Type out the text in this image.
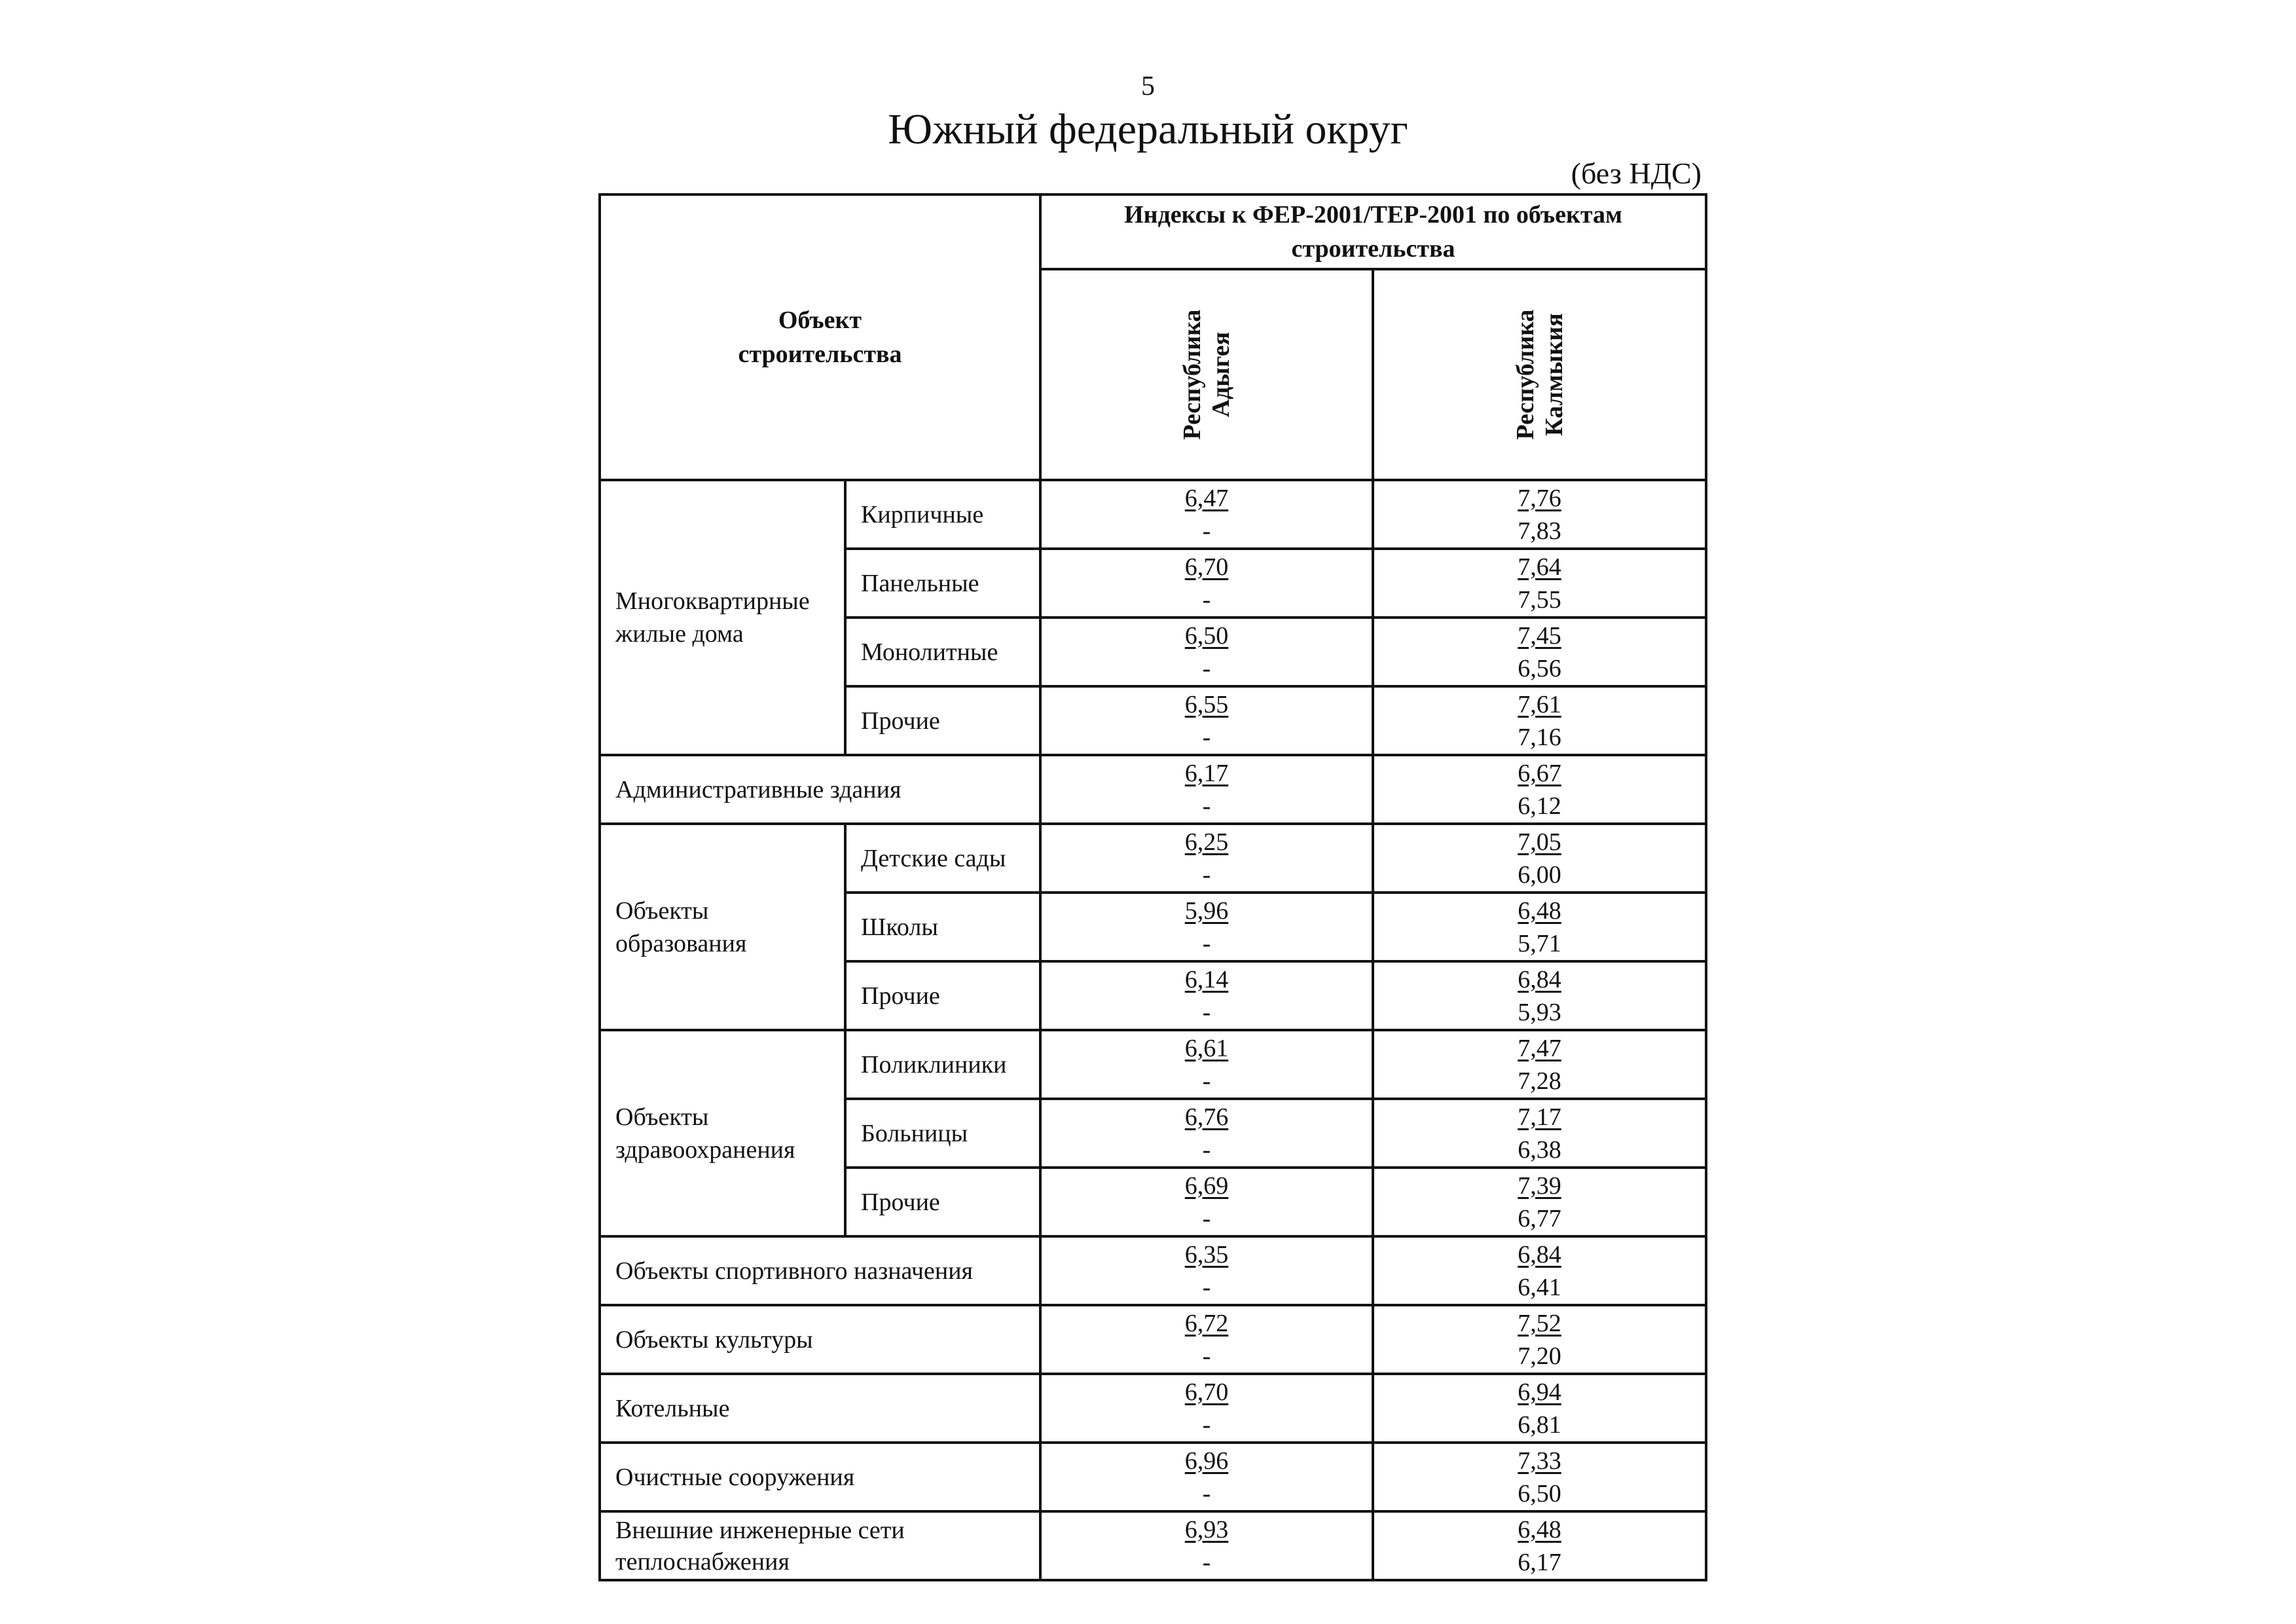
5
Южный федеральный округ
(без НДС)
Объект строительства		Индексы к ФЕР-2001/ТЕР-2001 по объектам строительства	

		Республика Адыгея	Республика Калмыкия

Многоквартирные жилые дома	Кирпичные	$\frac{6,47}{-}$	$\frac{7,76}{7,83}$

	Панельные	$\frac{6,70}{-}$	$\frac{7,64}{7,55}$

	Монолитные	$\frac{6,50}{-}$	$\frac{7,45}{6,56}$

	Прочие	$\frac{6,55}{-}$	$\frac{7,61}{7,16}$

Административные здания		$\frac{6,17}{-}$	$\frac{6,67}{6,12}$

Объекты образования	Детские сады	$\frac{6,25}{-}$	$\frac{7,05}{6,00}$

	Школы	$\frac{5,96}{-}$	$\frac{6,48}{5,71}$

	Прочие	$\frac{6,14}{-}$	$\frac{6,84}{5,93}$

Объекты здравоохранения	Поликлиники	$\frac{6,61}{-}$	$\frac{7,47}{7,28}$

	Больницы	$\frac{6,76}{-}$	$\frac{7,17}{6,38}$

	Прочие	$\frac{6,69}{-}$	$\frac{7,39}{6,77}$

Объекты спортивного назначения		$\frac{6,35}{-}$	$\frac{6,84}{6,41}$

Объекты культуры		$\frac{6,72}{-}$	$\frac{7,52}{7,20}$

Котельные		$\frac{6,70}{-}$	$\frac{6,94}{6,81}$

Очистные сооружения		$\frac{6,96}{-}$	$\frac{7,33}{6,50}$

Внешние инженерные сети теплоснабжения		$\frac{6,93}{-}$	$\frac{6,48}{6,17}$
